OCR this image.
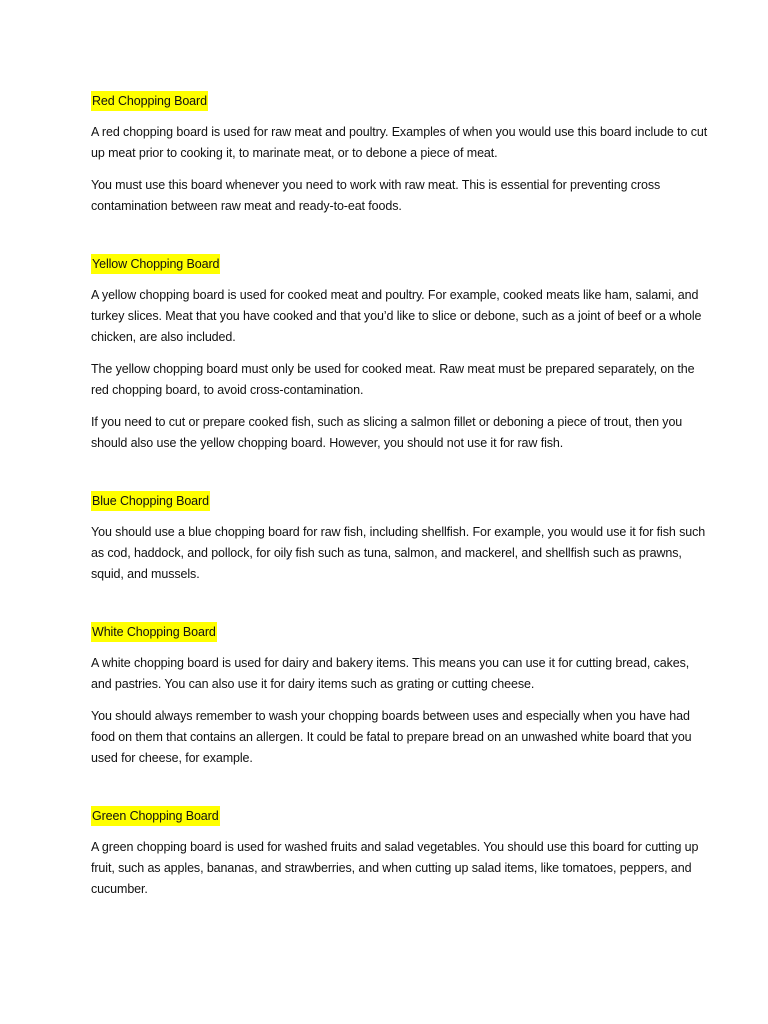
Red Chopping Board

A red chopping board is used for raw meat and poultry. Examples of when you would use this board include to cut up meat prior to cooking it, to marinate meat, or to debone a piece of meat.

You must use this board whenever you need to work with raw meat. This is essential for preventing cross contamination between raw meat and ready-to-eat foods.

Yellow Chopping Board

A yellow chopping board is used for cooked meat and poultry. For example, cooked meats like ham, salami, and turkey slices. Meat that you have cooked and that you’d like to slice or debone, such as a joint of beef or a whole chicken, are also included.

The yellow chopping board must only be used for cooked meat. Raw meat must be prepared separately, on the red chopping board, to avoid cross-contamination.

If you need to cut or prepare cooked fish, such as slicing a salmon fillet or deboning a piece of trout, then you should also use the yellow chopping board. However, you should not use it for raw fish.

Blue Chopping Board

You should use a blue chopping board for raw fish, including shellfish. For example, you would use it for fish such as cod, haddock, and pollock, for oily fish such as tuna, salmon, and mackerel, and shellfish such as prawns, squid, and mussels.

White Chopping Board

A white chopping board is used for dairy and bakery items. This means you can use it for cutting bread, cakes, and pastries. You can also use it for dairy items such as grating or cutting cheese.

You should always remember to wash your chopping boards between uses and especially when you have had food on them that contains an allergen. It could be fatal to prepare bread on an unwashed white board that you used for cheese, for example.

Green Chopping Board

A green chopping board is used for washed fruits and salad vegetables. You should use this board for cutting up fruit, such as apples, bananas, and strawberries, and when cutting up salad items, like tomatoes, peppers, and cucumber.
